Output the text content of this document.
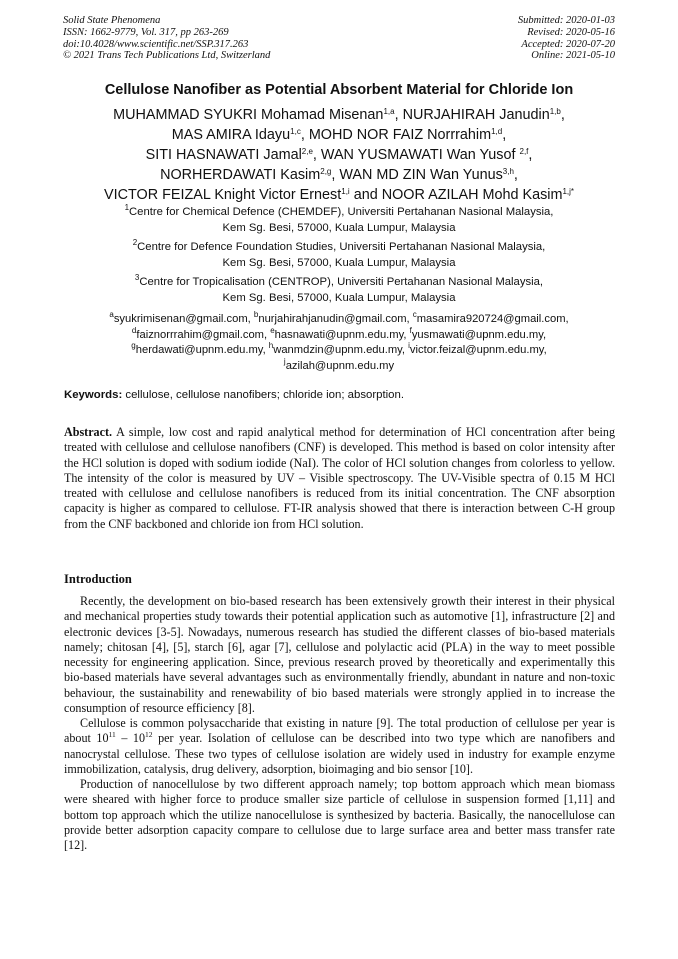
Solid State Phenomena
ISSN: 1662-9779, Vol. 317, pp 263-269
doi:10.4028/www.scientific.net/SSP.317.263
© 2021 Trans Tech Publications Ltd, Switzerland
Submitted: 2020-01-03
Revised: 2020-05-16
Accepted: 2020-07-20
Online: 2021-05-10
Cellulose Nanofiber as Potential Absorbent Material for Chloride Ion
MUHAMMAD SYUKRI Mohamad Misenan$^{1,a}$, NURJAHIRAH Janudin$^{1,b}$,
MAS AMIRA Idayu$^{1,c}$, MOHD NOR FAIZ Norrrahim$^{1,d}$,
SITI HASNAWATI Jamal$^{2,e}$, WAN YUSMAWATI Wan Yusof $^{2,f}$,
NORHERDAWATI Kasim$^{2,g}$, WAN MD ZIN Wan Yunus$^{3,h}$,
VICTOR FEIZAL Knight Victor Ernest$^{1,i}$ and NOOR AZILAH Mohd Kasim$^{1,j*}$
$^1$Centre for Chemical Defence (CHEMDEF), Universiti Pertahanan Nasional Malaysia,
Kem Sg. Besi, 57000, Kuala Lumpur, Malaysia
$^2$Centre for Defence Foundation Studies, Universiti Pertahanan Nasional Malaysia,
Kem Sg. Besi, 57000, Kuala Lumpur, Malaysia
$^3$Centre for Tropicalisation (CENTROP), Universiti Pertahanan Nasional Malaysia,
Kem Sg. Besi, 57000, Kuala Lumpur, Malaysia
$^a$syukrimisenan@gmail.com, $^b$nurjahirahjanudin@gmail.com, $^c$masamira920724@gmail.com,
$^d$faiznorrrahim@gmail.com, $^e$hasnawati@upnm.edu.my, $^f$yusmawati@upnm.edu.my,
$^g$herdawati@upnm.edu.my, $^h$wanmdzin@upnm.edu.my, $^i$victor.feizal@upnm.edu.my,
$^j$azilah@upnm.edu.my
Keywords: cellulose, cellulose nanofibers; chloride ion; absorption.
Abstract. A simple, low cost and rapid analytical method for determination of HCl concentration after being treated with cellulose and cellulose nanofibers (CNF) is developed. This method is based on color intensity after the HCl solution is doped with sodium iodide (NaI). The color of HCl solution changes from colorless to yellow. The intensity of the color is measured by UV – Visible spectroscopy. The UV-Visible spectra of 0.15 M HCl treated with cellulose and cellulose nanofibers is reduced from its initial concentration. The CNF absorption capacity is higher as compared to cellulose. FT-IR analysis showed that there is interaction between C-H group from the CNF backboned and chloride ion from HCl solution.
Introduction

Recently, the development on bio-based research has been extensively growth their interest in their physical and mechanical properties study towards their potential application such as automotive [1], infrastructure [2] and electronic devices [3-5]. Nowadays, numerous research has studied the different classes of bio-based materials namely; chitosan [4], [5], starch [6], agar [7], cellulose and polylactic acid (PLA) in the way to meet possible necessity for engineering application. Since, previous research proved by theoretically and experimentally this bio-based materials have several advantages such as environmentally friendly, abundant in nature and non-toxic behaviour, the sustainability and renewability of bio based materials were strongly applied in to increase the consumption of resource efficiency [8].

Cellulose is common polysaccharide that existing in nature [9]. The total production of cellulose per year is about $10^{11} - 10^{12}$ per year. Isolation of cellulose can be described into two type which are nanofibers and nanocrystal cellulose. These two types of cellulose isolation are widely used in industry for example enzyme immobilization, catalysis, drug delivery, adsorption, bioimaging and bio sensor [10].

Production of nanocellulose by two different approach namely; top bottom approach which mean biomass were sheared with higher force to produce smaller size particle of cellulose in suspension formed [1,11] and bottom top approach which the utilize nanocellulose is synthesized by bacteria. Basically, the nanocellulose can provide better adsorption capacity compare to cellulose due to large surface area and better mass transfer rate [12].
